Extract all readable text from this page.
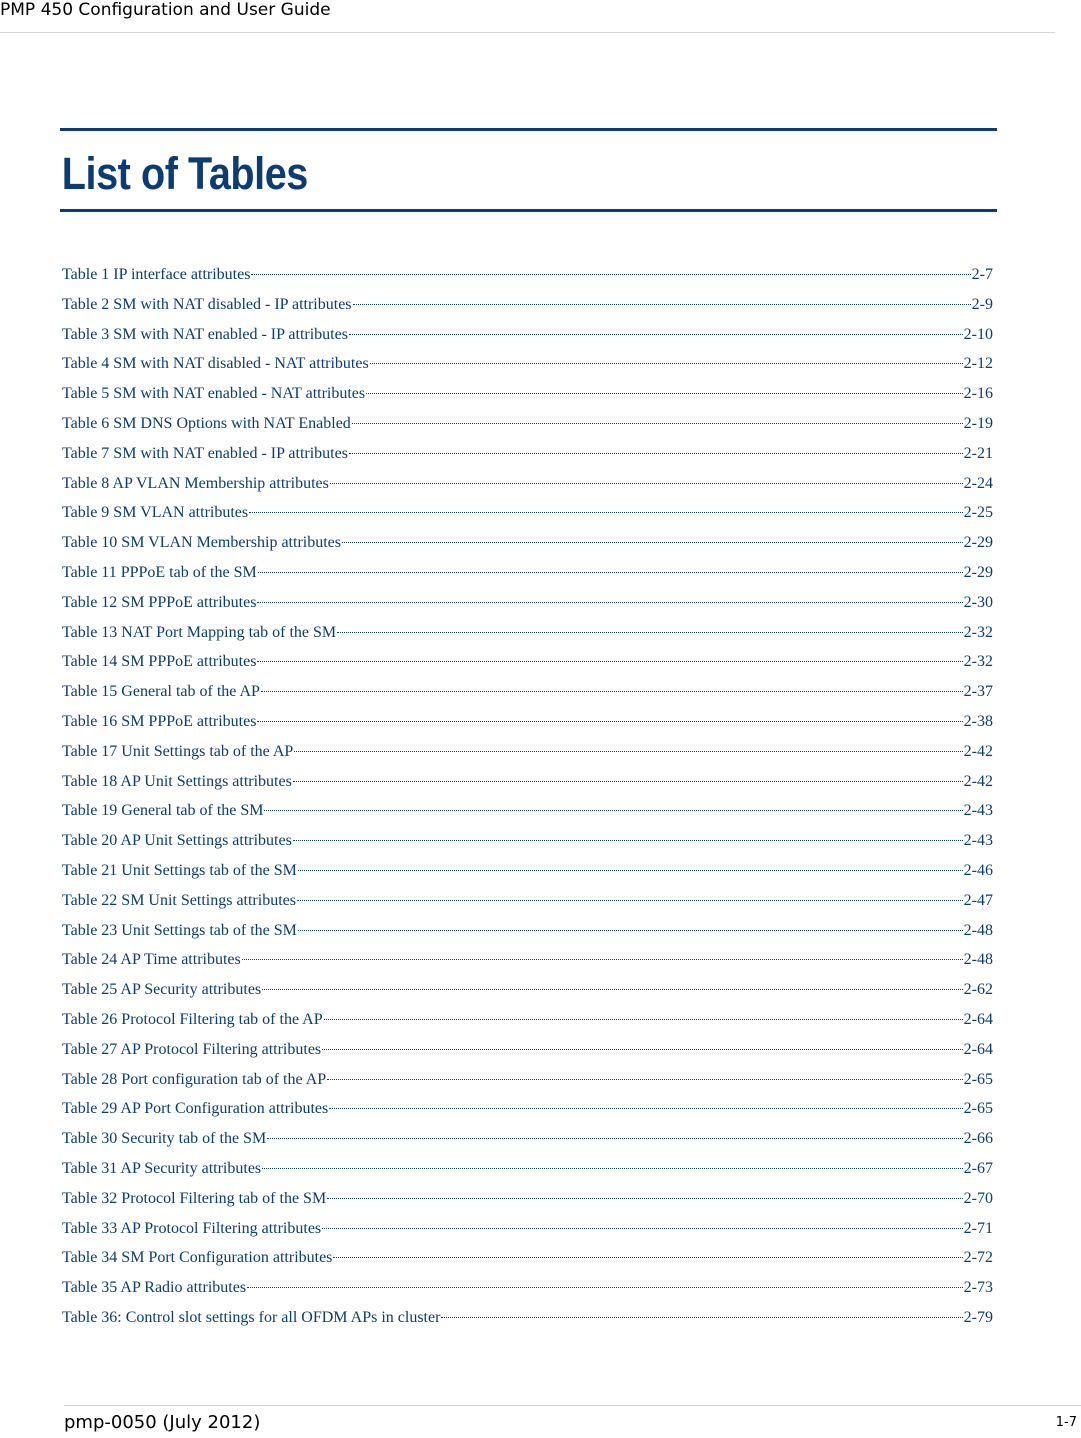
PMP 450 Configuration and User Guide
List of Tables
Table 1 IP interface attributes	2-7
Table 2 SM with NAT disabled - IP attributes	2-9
Table 3 SM with NAT enabled - IP attributes	2-10
Table 4 SM with NAT disabled - NAT attributes	2-12
Table 5 SM with NAT enabled - NAT attributes	2-16
Table 6 SM DNS Options with NAT Enabled	2-19
Table 7 SM with NAT enabled - IP attributes	2-21
Table 8 AP VLAN Membership attributes	2-24
Table 9 SM VLAN attributes	2-25
Table 10 SM VLAN Membership attributes	2-29
Table 11 PPPoE tab of the SM	2-29
Table 12 SM PPPoE attributes	2-30
Table 13 NAT Port Mapping tab of the SM	2-32
Table 14 SM PPPoE attributes	2-32
Table 15 General tab of the AP	2-37
Table 16 SM PPPoE attributes	2-38
Table 17 Unit Settings tab of the AP	2-42
Table 18 AP Unit Settings attributes	2-42
Table 19 General tab of the SM	2-43
Table 20 AP Unit Settings attributes	2-43
Table 21 Unit Settings tab of the SM	2-46
Table 22 SM Unit Settings attributes	2-47
Table 23 Unit Settings tab of the SM	2-48
Table 24 AP Time attributes	2-48
Table 25 AP Security attributes	2-62
Table 26 Protocol Filtering tab of the AP	2-64
Table 27 AP Protocol Filtering attributes	2-64
Table 28 Port configuration tab of the AP	2-65
Table 29 AP Port Configuration attributes	2-65
Table 30 Security tab of the SM	2-66
Table 31 AP Security attributes	2-67
Table 32 Protocol Filtering tab of the SM	2-70
Table 33 AP Protocol Filtering attributes	2-71
Table 34 SM Port Configuration attributes	2-72
Table 35 AP Radio attributes	2-73
Table 36: Control slot settings for all OFDM APs in cluster	2-79
pmp-0050 (July 2012)	1-7
